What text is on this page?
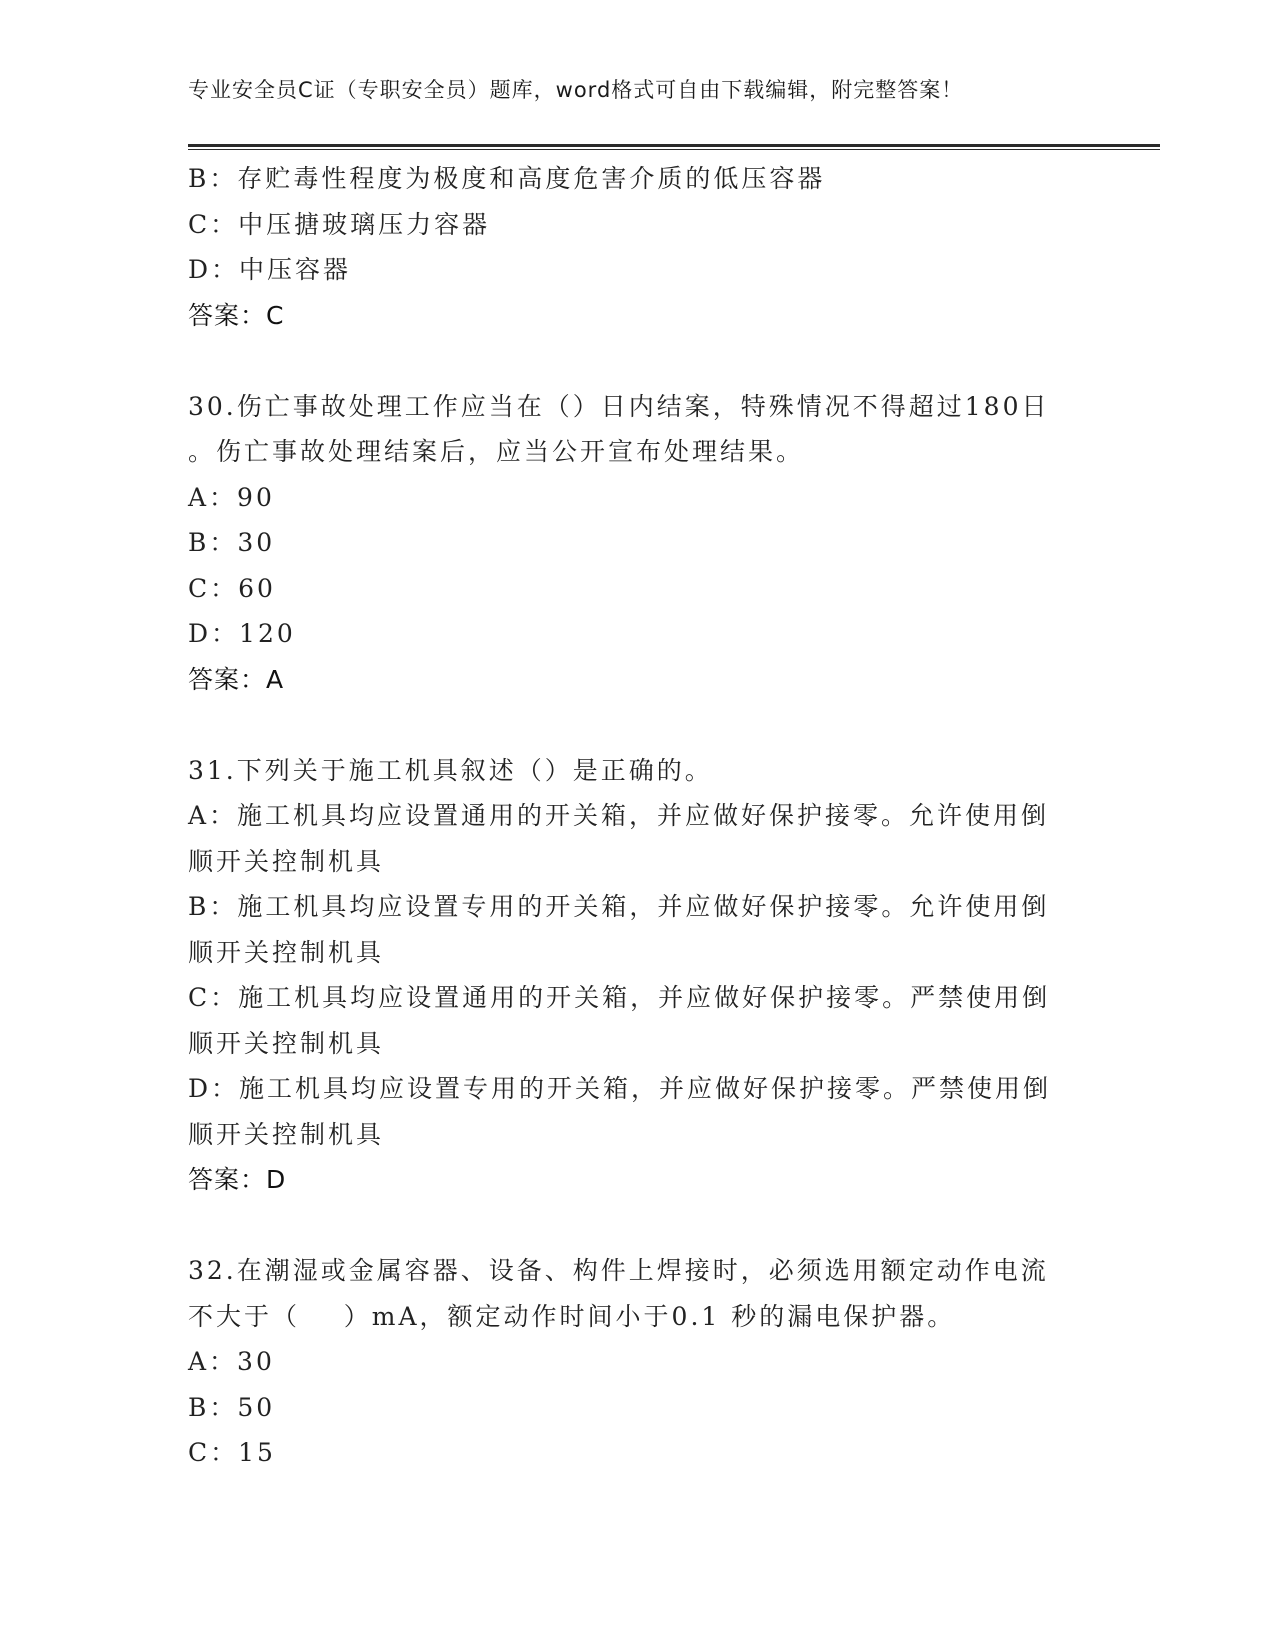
专业安全员C证（专职安全员）题库，word格式可自由下载编辑，附完整答案！
B：存贮毒性程度为极度和高度危害介质的低压容器
C：中压搪玻璃压力容器
D：中压容器
答案：C
30.伤亡事故处理工作应当在（）日内结案，特殊情况不得超过180日
。伤亡事故处理结案后，应当公开宣布处理结果。
A：90
B：30
C：60
D：120
答案：A
31.下列关于施工机具叙述（）是正确的。
A：施工机具均应设置通用的开关箱，并应做好保护接零。允许使用倒
顺开关控制机具
B：施工机具均应设置专用的开关箱，并应做好保护接零。允许使用倒
顺开关控制机具
C：施工机具均应设置通用的开关箱，并应做好保护接零。严禁使用倒
顺开关控制机具
D：施工机具均应设置专用的开关箱，并应做好保护接零。严禁使用倒
顺开关控制机具
答案：D
32.在潮湿或金属容器、设备、构件上焊接时，必须选用额定动作电流
不大于（    ）mA，额定动作时间小于0.1 秒的漏电保护器。
A：30
B：50
C：15
